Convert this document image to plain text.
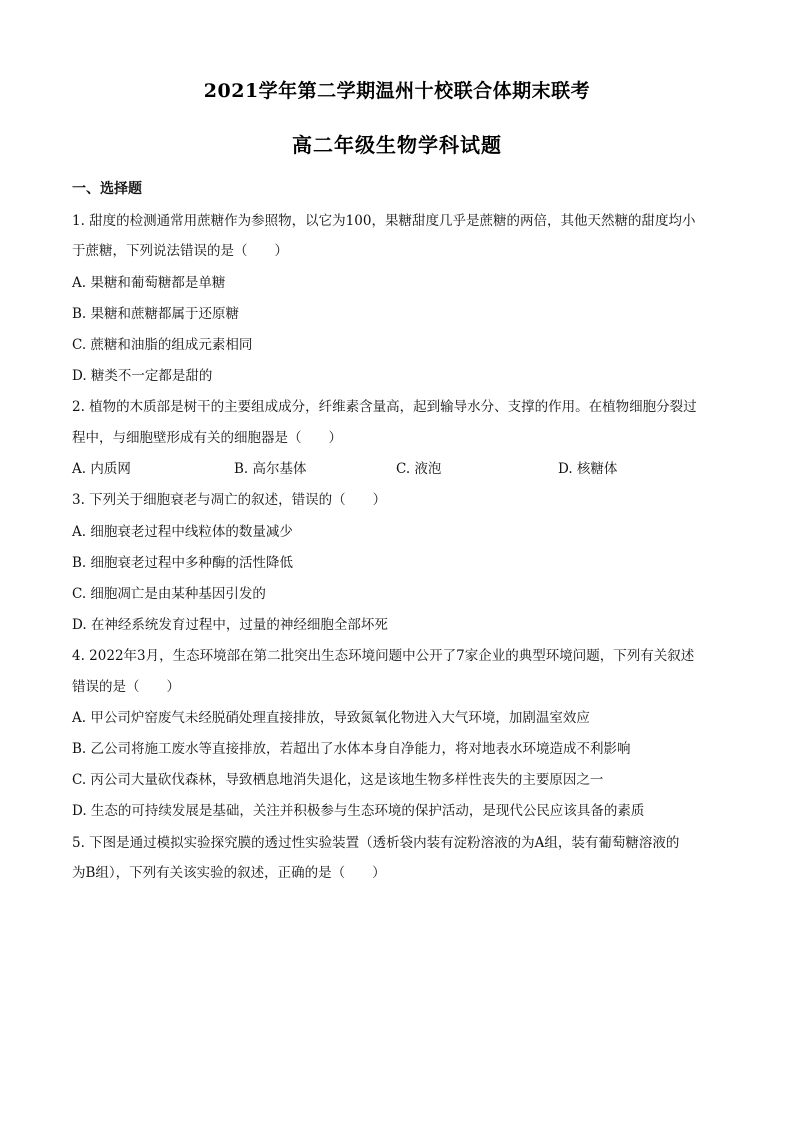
2021学年第二学期温州十校联合体期末联考
高二年级生物学科试题
一、选择题
1. 甜度的检测通常用蔗糖作为参照物，以它为100，果糖甜度几乎是蔗糖的两倍，其他天然糖的甜度均小
于蔗糖，下列说法错误的是（　　）
A. 果糖和葡萄糖都是单糖
B. 果糖和蔗糖都属于还原糖
C. 蔗糖和油脂的组成元素相同
D. 糖类不一定都是甜的
2. 植物的木质部是树干的主要组成成分，纤维素含量高，起到输导水分、支撑的作用。在植物细胞分裂过
程中，与细胞壁形成有关的细胞器是（　　）
A. 内质网	B. 高尔基体	C. 液泡	D. 核糖体
3. 下列关于细胞衰老与凋亡的叙述，错误的（　　）
A. 细胞衰老过程中线粒体的数量减少
B. 细胞衰老过程中多种酶的活性降低
C. 细胞凋亡是由某种基因引发的
D. 在神经系统发育过程中，过量的神经细胞全部坏死
4. 2022年3月，生态环境部在第二批突出生态环境问题中公开了7家企业的典型环境问题，下列有关叙述
错误的是（　　）
A. 甲公司炉窑废气未经脱硝处理直接排放，导致氮氧化物进入大气环境，加剧温室效应
B. 乙公司将施工废水等直接排放，若超出了水体本身自净能力，将对地表水环境造成不利影响
C. 丙公司大量砍伐森林，导致栖息地消失退化，这是该地生物多样性丧失的主要原因之一
D. 生态的可持续发展是基础，关注并积极参与生态环境的保护活动，是现代公民应该具备的素质
5. 下图是通过模拟实验探究膜的透过性实验装置（透析袋内装有淀粉溶液的为A组，装有葡萄糖溶液的
为B组），下列有关该实验的叙述，正确的是（　　）
